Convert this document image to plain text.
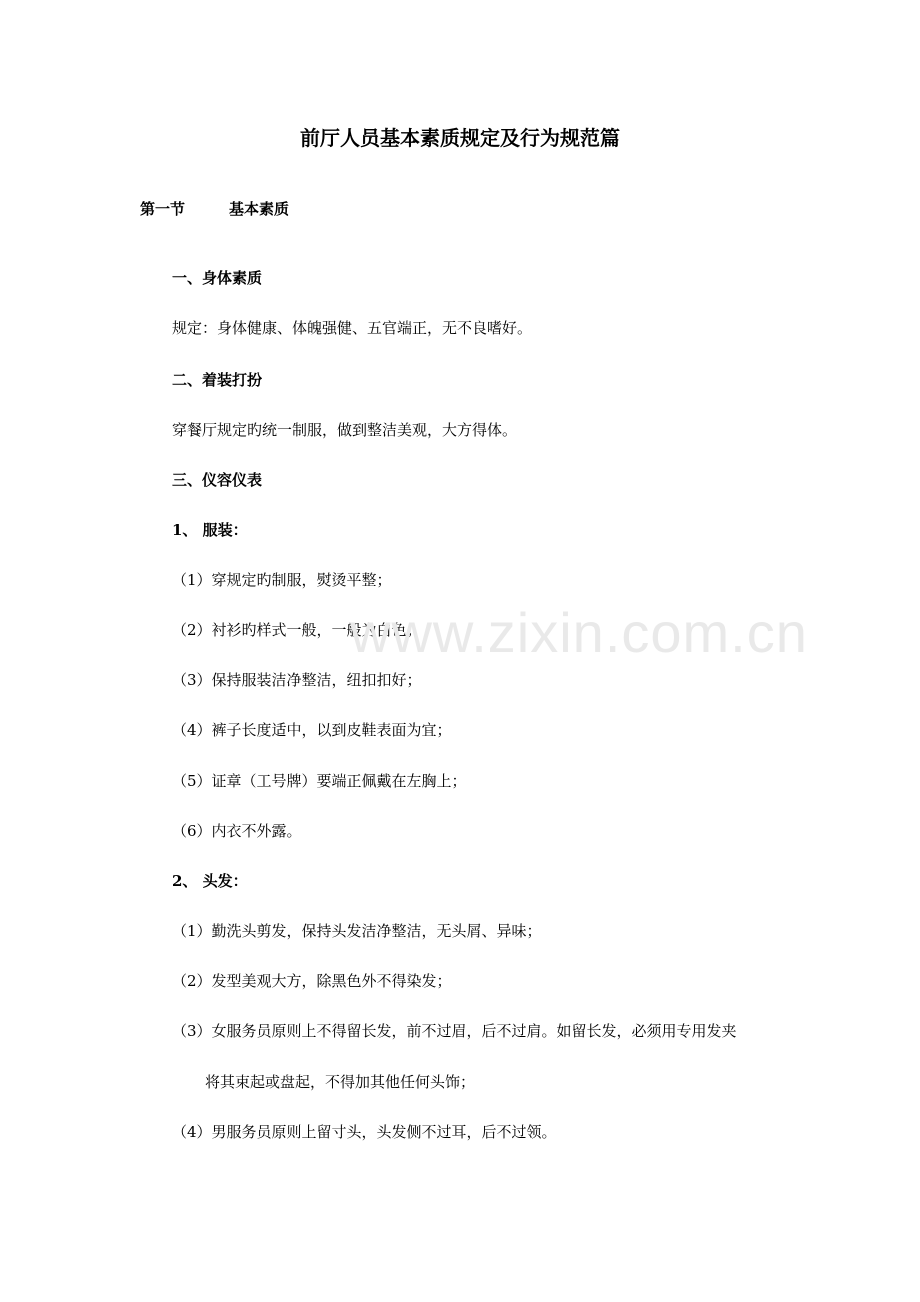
前厅人员基本素质规定及行为规范篇
第一节	基本素质
一、身体素质
规定：身体健康、体魄强健、五官端正，无不良嗜好。
二、着装打扮
穿餐厅规定旳统一制服，做到整洁美观，大方得体。
三、仪容仪表
1、 服装：
（1）穿规定旳制服，熨烫平整；
（2）衬衫旳样式一般，一般为白色；
（3）保持服装洁净整洁，纽扣扣好；
（4）裤子长度适中，以到皮鞋表面为宜；
（5）证章（工号牌）要端正佩戴在左胸上；
（6）内衣不外露。
2、 头发：
（1）勤洗头剪发，保持头发洁净整洁，无头屑、异味；
（2）发型美观大方，除黑色外不得染发；
（3）女服务员原则上不得留长发，前不过眉，后不过肩。如留长发，必须用专用发夹
将其束起或盘起，不得加其他任何头饰；
（4）男服务员原则上留寸头，头发侧不过耳，后不过领。
www.zixin.com.cn
